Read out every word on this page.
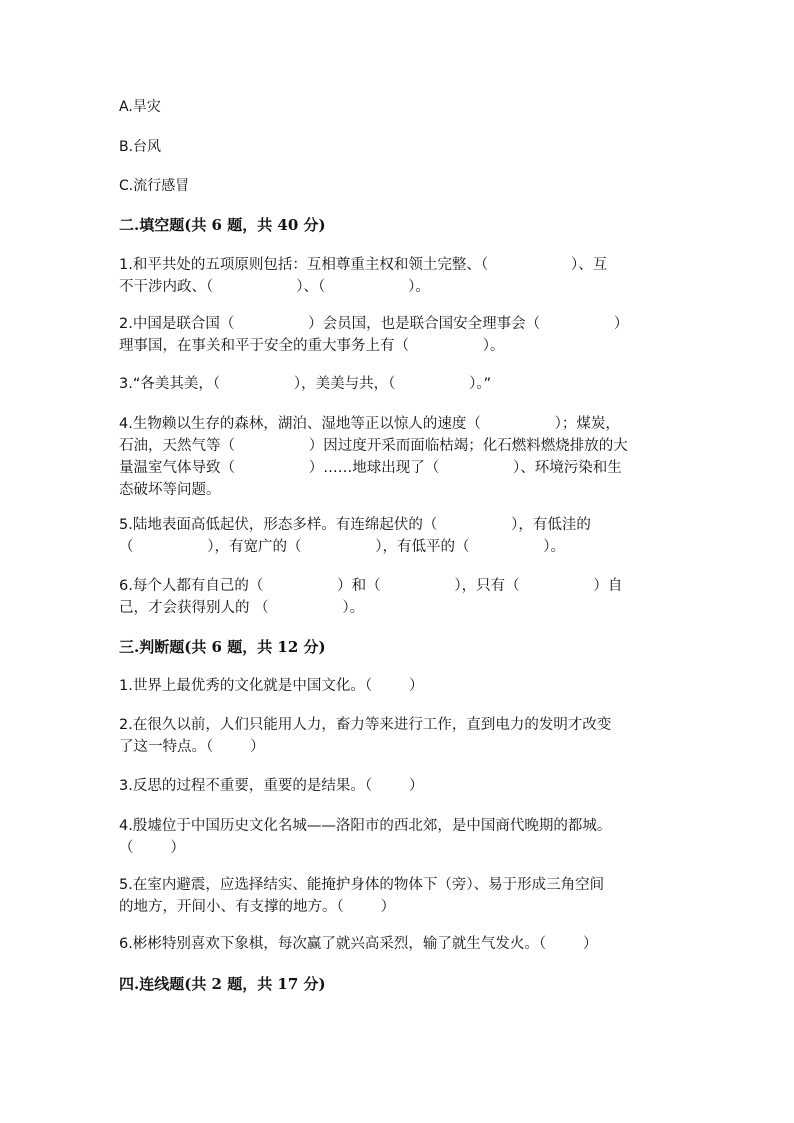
A.旱灾
B.台风
C.流行感冒
二.填空题(共 6 题，共 40 分)
1.和平共处的五项原则包括：互相尊重主权和领土完整、（                  ）、互
不干涉内政、（                  ）、（                  ）。
2.中国是联合国（                ）会员国，也是联合国安全理事会（                ）
理事国，在事关和平于安全的重大事务上有（                ）。
3.“各美其美，（                ），美美与共，（                ）。”
4.生物赖以生存的森林，湖泊、湿地等正以惊人的速度（                ）；煤炭，
石油，天然气等（                ）因过度开采而面临枯竭；化石燃料燃烧排放的大
量温室气体导致（                ）……地球出现了（                ）、环境污染和生
态破坏等问题。
5.陆地表面高低起伏，形态多样。有连绵起伏的（                ），有低洼的
（                ），有宽广的（                ），有低平的（                ）。
6.每个人都有自己的（                ）和（                ），只有（                ）自
己，才会获得别人的 （                ）。
三.判断题(共 6 题，共 12 分)
1.世界上最优秀的文化就是中国文化。（        ）
2.在很久以前，人们只能用人力，畜力等来进行工作，直到电力的发明才改变
了这一特点。（        ）
3.反思的过程不重要，重要的是结果。（        ）
4.殷墟位于中国历史文化名城——洛阳市的西北郊，是中国商代晚期的都城。
（        ）
5.在室内避震，应选择结实、能掩护身体的物体下（旁）、易于形成三角空间
的地方，开间小、有支撑的地方。（        ）
6.彬彬特别喜欢下象棋，每次赢了就兴高采烈，输了就生气发火。（        ）
四.连线题(共 2 题，共 17 分)
